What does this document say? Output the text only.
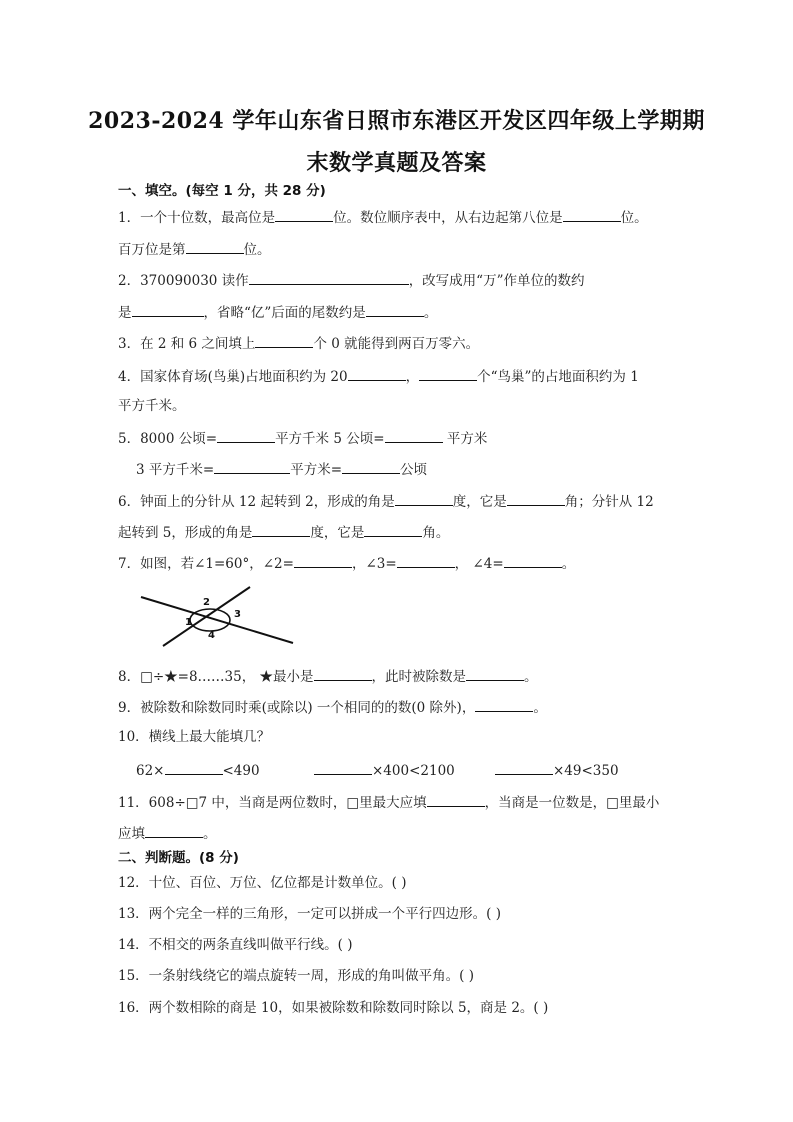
2023-2024 学年山东省日照市东港区开发区四年级上学期期
末数学真题及答案
一、填空。(每空 1 分，共 28 分)
1．一个十位数，最高位是	位。数位顺序表中，从右边起第八位是	位。
百万位是第	位。
2．370090030 读作	，改写成用“万”作单位的数约
是	，省略“亿”后面的尾数约是	。
3．在 2 和 6 之间填上	个 0 就能得到两百万零六。
4．国家体育场(鸟巢)占地面积约为 20	，	个“鸟巢”的占地面积约为 1
平方千米。
5．8000 公顷=	平方千米 5 公顷=	平方米
3 平方千米=	平方米=	公顷
6．钟面上的分针从 12 起转到 2，形成的角是	度，它是	角；分针从 12
起转到 5，形成的角是	度，它是	角。
7．如图，若∠1=60°，∠2=	，∠3=	， ∠4=	。
1
2
3
4
8．□÷★=8……35， ★最小是	，此时被除数是	。
9．被除数和除数同时乘(或除以) 一个相同的的数(0 除外)，	。
10．横线上最大能填几？
62×	<490	×400<2100	×49<350
11．608÷□7 中，当商是两位数时，□里最大应填	，当商是一位数是，□里最小
应填	。
二、判断题。(8 分)
12．十位、百位、万位、亿位都是计数单位。( )
13．两个完全一样的三角形，一定可以拼成一个平行四边形。( )
14．不相交的两条直线叫做平行线。( )
15．一条射线绕它的端点旋转一周，形成的角叫做平角。( )
16．两个数相除的商是 10，如果被除数和除数同时除以 5，商是 2。( )
